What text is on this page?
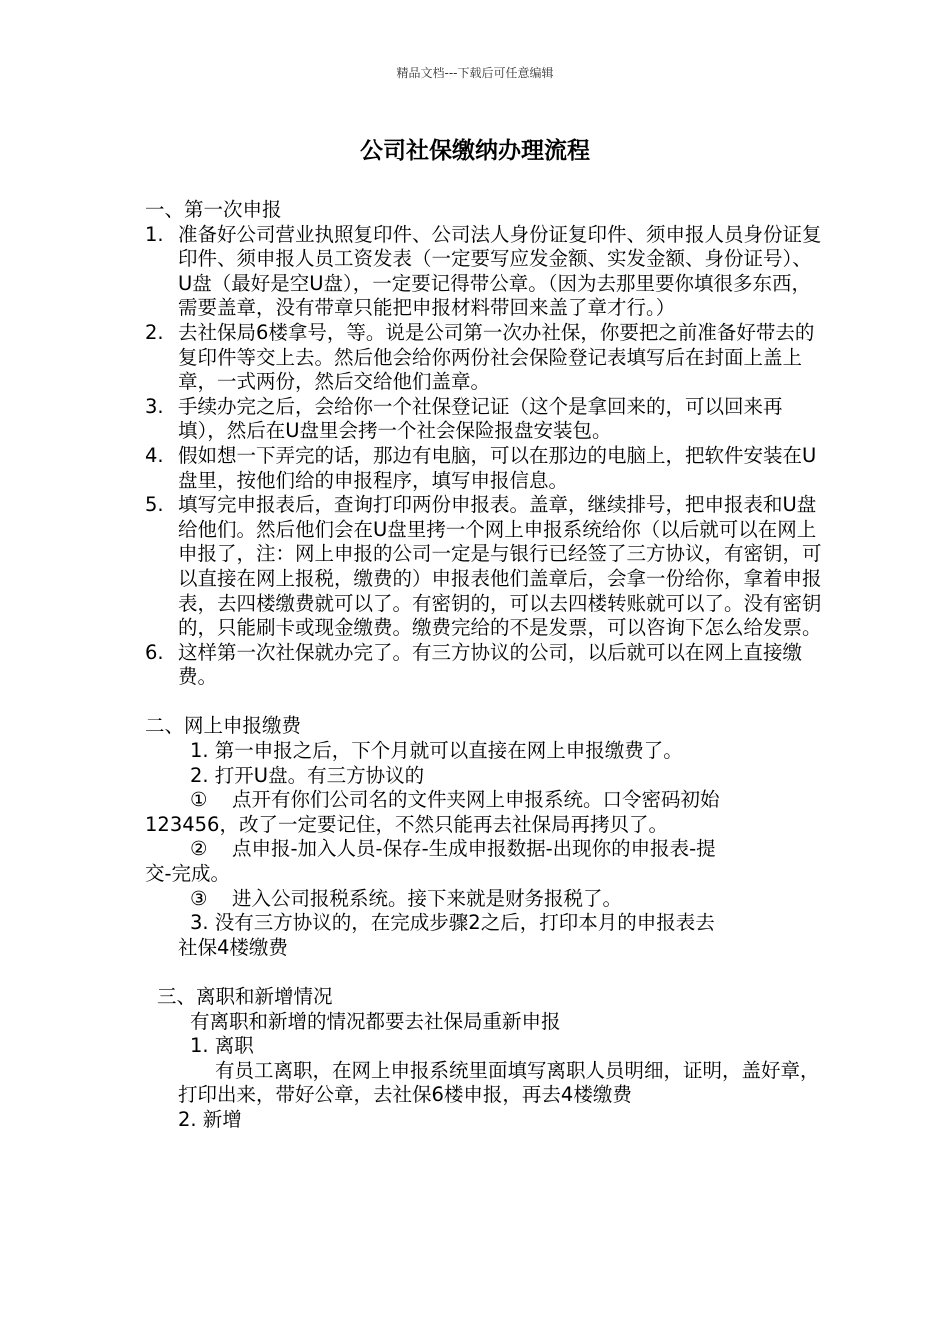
精品文档---下载后可任意编辑
公司社保缴纳办理流程
一、第一次申报
1. 准备好公司营业执照复印件、公司法人身份证复印件、须申报人员身份证复印件、须申报人员工资发表（一定要写应发金额、实发金额、身份证号）、U盘（最好是空U盘），一定要记得带公章。（因为去那里要你填很多东西，需要盖章，没有带章只能把申报材料带回来盖了章才行。）
2. 去社保局6楼拿号，等。说是公司第一次办社保，你要把之前准备好带去的复印件等交上去。然后他会给你两份社会保险登记表填写后在封面上盖上章，一式两份，然后交给他们盖章。
3. 手续办完之后，会给你一个社保登记证（这个是拿回来的，可以回来再填），然后在U盘里会拷一个社会保险报盘安装包。
4. 假如想一下弄完的话，那边有电脑，可以在那边的电脑上，把软件安装在U盘里，按他们给的申报程序，填写申报信息。
5. 填写完申报表后，查询打印两份申报表。盖章，继续排号，把申报表和U盘给他们。然后他们会在U盘里拷一个网上申报系统给你（以后就可以在网上申报了，注：网上申报的公司一定是与银行已经签了三方协议，有密钥，可以直接在网上报税，缴费的）申报表他们盖章后，会拿一份给你，拿着申报表，去四楼缴费就可以了。有密钥的，可以去四楼转账就可以了。没有密钥的，只能刷卡或现金缴费。缴费完给的不是发票，可以咨询下怎么给发票。
6. 这样第一次社保就办完了。有三方协议的公司，以后就可以在网上直接缴费。
二、网上申报缴费
1. 第一申报之后，下个月就可以直接在网上申报缴费了。
2. 打开U盘。有三方协议的
①	点开有你们公司名的文件夹网上申报系统。口令密码初始
123456，改了一定要记住，不然只能再去社保局再拷贝了。
②	点申报-加入人员-保存-生成申报数据-出现你的申报表-提
交-完成。
③	进入公司报税系统。接下来就是财务报税了。
3. 没有三方协议的，在完成步骤2之后，打印本月的申报表去
社保4楼缴费
三、离职和新增情况
有离职和新增的情况都要去社保局重新申报
1. 离职
有员工离职，在网上申报系统里面填写离职人员明细，证明，盖好章，打印出来，带好公章，去社保6楼申报，再去4楼缴费
2. 新增
